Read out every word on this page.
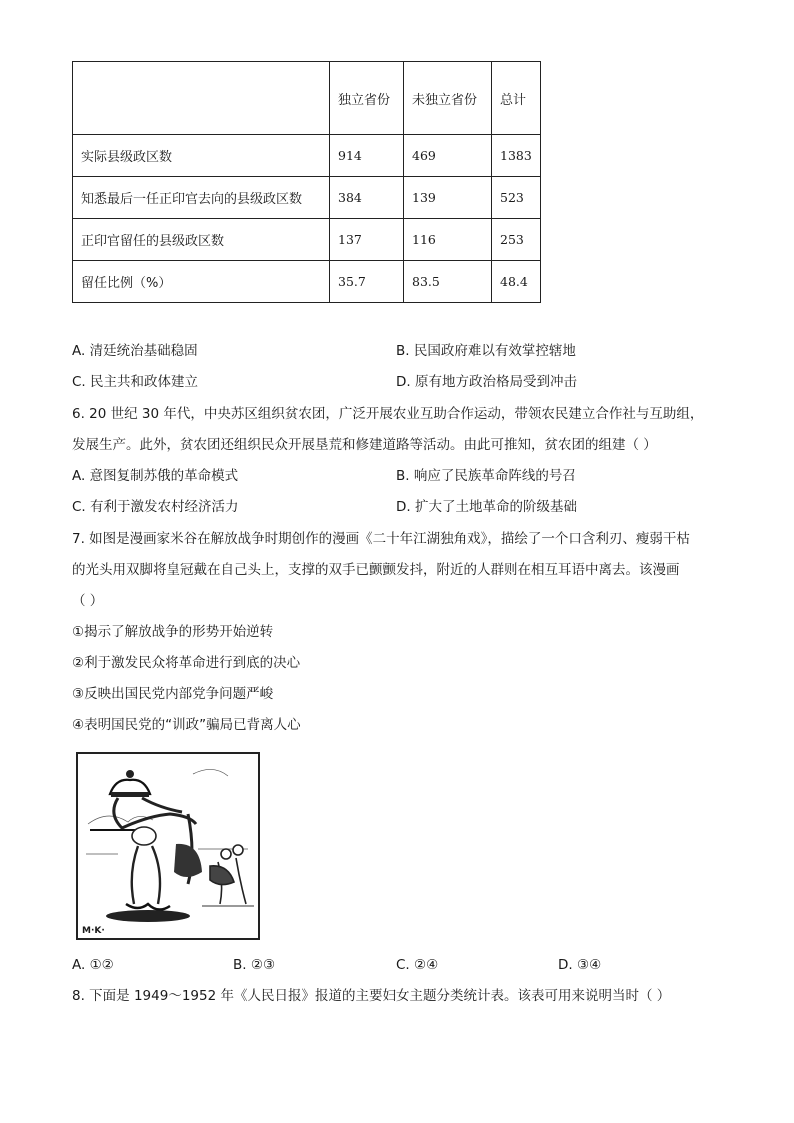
	独立省份	未独立省份	总计
实际县级政区数	914	469	1383
知悉最后一任正印官去向的县级政区数	384	139	523
正印官留任的县级政区数	137	116	253
留任比例（%）	35.7	83.5	48.4
A. 清廷统治基础稳固	B. 民国政府难以有效掌控辖地
C. 民主共和政体建立	D. 原有地方政治格局受到冲击
6. 20 世纪 30 年代，中央苏区组织贫农团，广泛开展农业互助合作运动，带领农民建立合作社与互助组，
发展生产。此外，贫农团还组织民众开展垦荒和修建道路等活动。由此可推知，贫农团的组建（ ）
A. 意图复制苏俄的革命模式	B. 响应了民族革命阵线的号召
C. 有利于激发农村经济活力	D. 扩大了土地革命的阶级基础
7. 如图是漫画家米谷在解放战争时期创作的漫画《二十年江湖独角戏》，描绘了一个口含利刃、瘦弱干枯
的光头用双脚将皇冠戴在自己头上，支撑的双手已颤颤发抖，附近的人群则在相互耳语中离去。该漫画
（ ）
①揭示了解放战争的形势开始逆转
②利于激发民众将革命进行到底的决心
③反映出国民党内部党争问题严峻
④表明国民党的“训政”骗局已背离人心
M·K·
A. ①②	B. ②③	C. ②④	D. ③④
8. 下面是 1949～1952 年《人民日报》报道的主要妇女主题分类统计表。该表可用来说明当时（ ）
